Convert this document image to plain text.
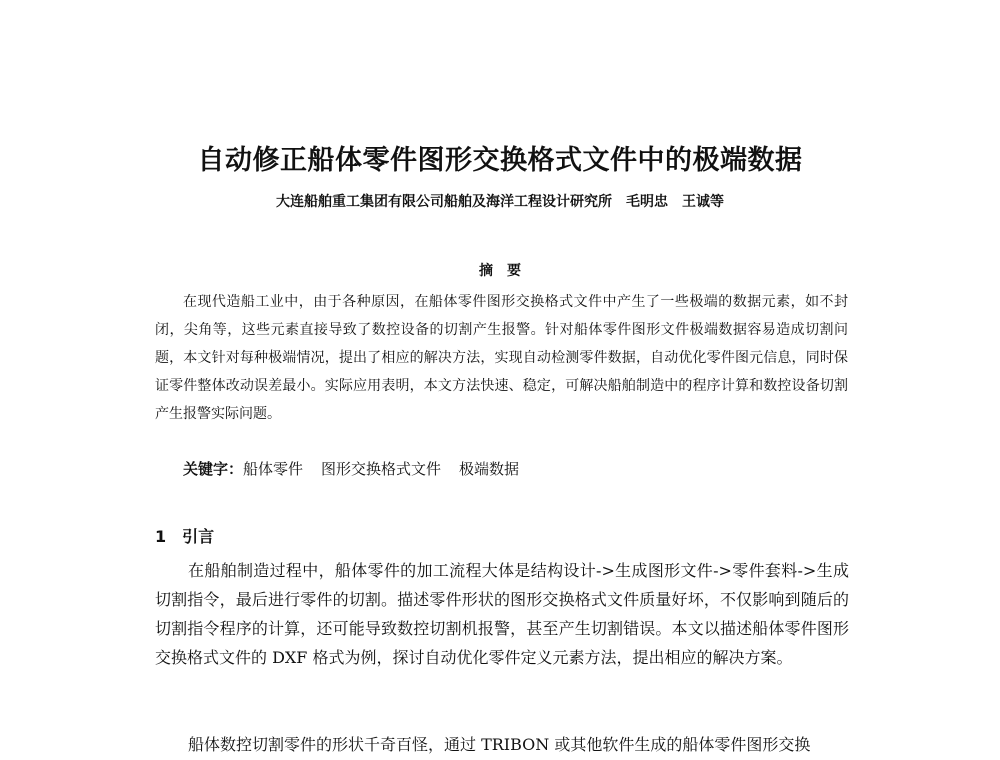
自动修正船体零件图形交换格式文件中的极端数据
大连船舶重工集团有限公司船舶及海洋工程设计研究所 毛明忠 王诚等
摘要

在现代造船工业中，由于各种原因，在船体零件图形交换格式文件中产生了一些极端的数据元素，如不封闭，尖角等，这些元素直接导致了数控设备的切割产生报警。针对船体零件图形文件极端数据容易造成切割问题，本文针对每种极端情况，提出了相应的解决方法，实现自动检测零件数据，自动优化零件图元信息，同时保证零件整体改动误差最小。实际应用表明，本文方法快速、稳定，可解决船舶制造中的程序计算和数控设备切割产生报警实际问题。

关键字：船体零件 图形交换格式文件 极端数据
1 引言

在船舶制造过程中，船体零件的加工流程大体是结构设计->生成图形文件->零件套料->生成切割指令，最后进行零件的切割。描述零件形状的图形交换格式文件质量好坏，不仅影响到随后的切割指令程序的计算，还可能导致数控切割机报警，甚至产生切割错误。本文以描述船体零件图形交换格式文件的 DXF 格式为例，探讨自动优化零件定义元素方法，提出相应的解决方案。

船体数控切割零件的形状千奇百怪，通过 TRIBON 或其他软件生成的船体零件图形交换
